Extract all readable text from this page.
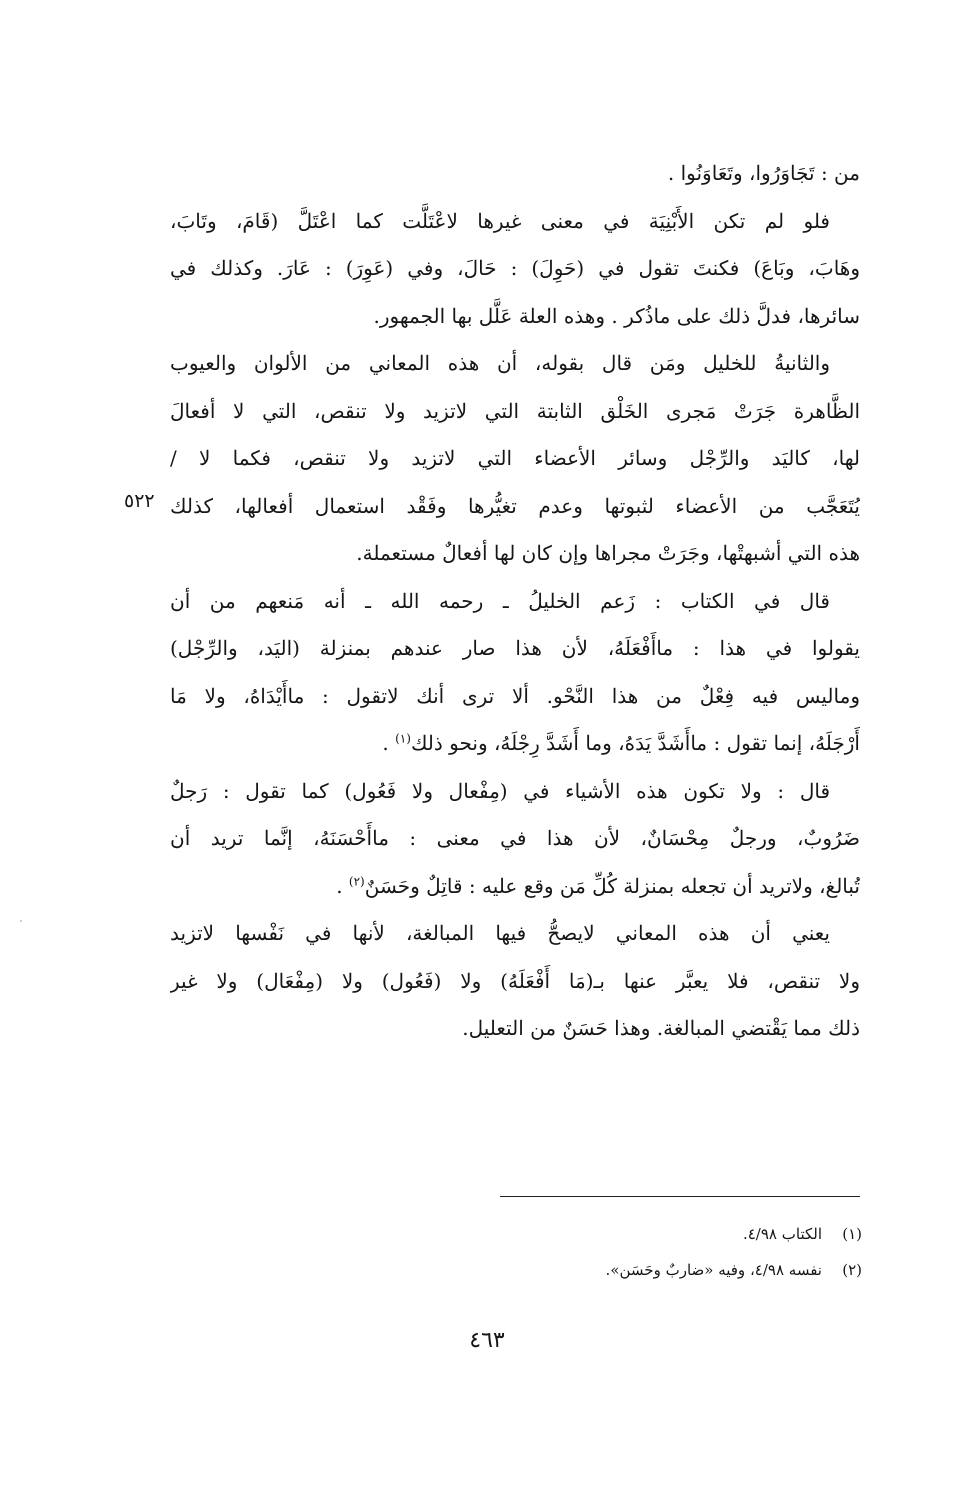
من : تَجَاوَرُوا، وتَعَاوَنُوا .
فلو لم تكن الأَبْنِيَة في معنى غيرها لاعْتَلَّت كما اعْتَلَّ (قَامَ، وتَابَ،
وهَابَ، وبَاعَ) فكنتَ تقول في (حَوِلَ) : حَالَ، وفي (عَوِرَ) : عَارَ. وكذلك في
سائرها، فدلَّ ذلك على ماذُكر . وهذه العلة عَلَّل بها الجمهور.
والثانيةُ للخليل ومَن قال بقوله، أن هذه المعاني من الألوان والعيوب
الظَّاهرة جَرَتْ مَجرى الخَلْق الثابتة التي لاتزيد ولا تنقص، التي لا أفعالَ
لها، كاليَد والرِّجْل وسائر الأعضاء التي لاتزيد ولا تنقص، فكما لا /
يُتَعَجَّب من الأعضاء لثبوتها وعدم تغيُّرها وفَقْد استعمال أفعالها، كذلك
هذه التي أشبهتْها، وجَرَتْ مجراها وإن كان لها أفعالٌ مستعملة.
قال في الكتاب : زَعم الخليلُ ـ رحمه الله ـ أنه مَنعهم من أن
يقولوا في هذا : ماأَفْعَلَهُ، لأن هذا صار عندهم بمنزلة (اليَد، والرِّجْل)
وماليس فيه فِعْلٌ من هذا النَّحْو. ألا ترى أنك لاتقول : ماأَيْدَاهُ، ولا مَا
أَرْجَلَهُ، إنما تقول : ماأَشَدَّ يَدَهُ، وما أَشَدَّ رِجْلَهُ، ونحو ذلك$^{(١)}$ .
قال : ولا تكون هذه الأشياء في (مِفْعال ولا فَعُول) كما تقول : رَجلٌ
ضَرُوبٌ، ورجلٌ مِحْسَانٌ، لأن هذا في معنى : ماأَحْسَنَهُ، إنَّما تريد أن
تُبالغ، ولاتريد أن تجعله بمنزلة كُلِّ مَن وقع عليه : قاتِلٌ وحَسَنٌ$^{(٢)}$ .
يعني أن هذه المعاني لايصحُّ فيها المبالغة، لأنها في نَفْسها لاتزيد
ولا تنقص، فلا يعبَّر عنها بـ(مَا أَفْعَلَهُ) ولا (فَعُول) ولا (مِفْعَال) ولا غير
ذلك مما يَقْتضي المبالغة. وهذا حَسَنٌ من التعليل.
٥٢٢
(١)الكتاب ٤/٩٨.
(٢)نفسه ٤/٩٨، وفيه «ضاربٌ وحَسَن».
٤٦٣
